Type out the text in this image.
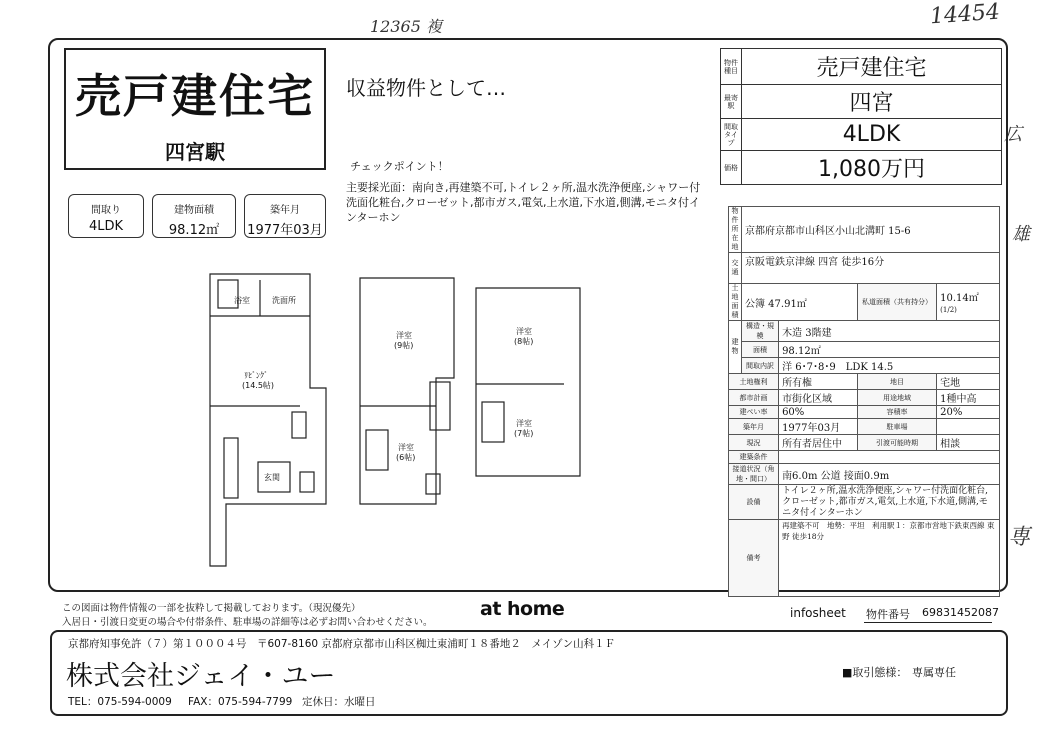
12365 複	14454
広
雄
専
売戸建住宅
四宮駅
収益物件として…
チェックポイント！
主要採光面：南向き,再建築不可,トイレ２ヶ所,温水洗浄便座,シャワー付洗面化粧台,クローゼット,都市ガス,電気,上水道,下水道,側溝,モニタ付インターホン
間取り
4LDK
建物面積
98.12㎡
築年月
1977年03月
浴室	洗面所
ﾘﾋﾞﾝｸﾞ
(14.5帖)
玄関
洋室
(9帖)
洋室
(6帖)
洋室
(8帖)
洋室
(7帖)
物件種目	売戸建住宅
最寄駅	四宮
間取タイプ	4LDK
価格	1,080万円
物件所在地	京都府京都市山科区小山北溝町 15-6			
交通	京阪電鉄京津線 四宮 徒歩16分			
土地面積	公簿 47.91㎡		私道面積（共有持分）	10.14㎡
(1/2)
建物	構造・規模	木造 3階建		
	面積	98.12㎡		
	間取内訳	洋 6･7･8･9　LDK 14.5		
土地権利		所有権	地目	宅地
都市計画		市街化区域	用途地域	1種中高
建ぺい率		60%	容積率	20%
築年月		1977年03月	駐車場	
現況		所有者居住中	引渡可能時期	相談
建築条件				
接道状況（角地・間口）		南6.0m 公道 接面0.9m		
設備		トイレ２ヶ所,温水洗浄便座,シャワー付洗面化粧台,クローゼット,都市ガス,電気,上水道,下水道,側溝,モニタ付インターホン		
備考		再建築不可　地勢：平坦　利用駅１：京都市営地下鉄東西線 東野 徒歩18分		
この図面は物件情報の一部を抜粋して掲載しております。（現況優先）
入居日・引渡日変更の場合や付帯条件、駐車場の詳細等は必ずお問い合わせください。
at home	infosheet 物件番号 69831452087
京都府知事免許（７）第１０００４号　〒607-8160 京都府京都市山科区椥辻東浦町１８番地２　メイゾン山科１Ｆ
株式会社ジェイ・ユー
TEL：075-594-0009 FAX：075-594-7799 定休日：水曜日
■取引態様： 専属専任
